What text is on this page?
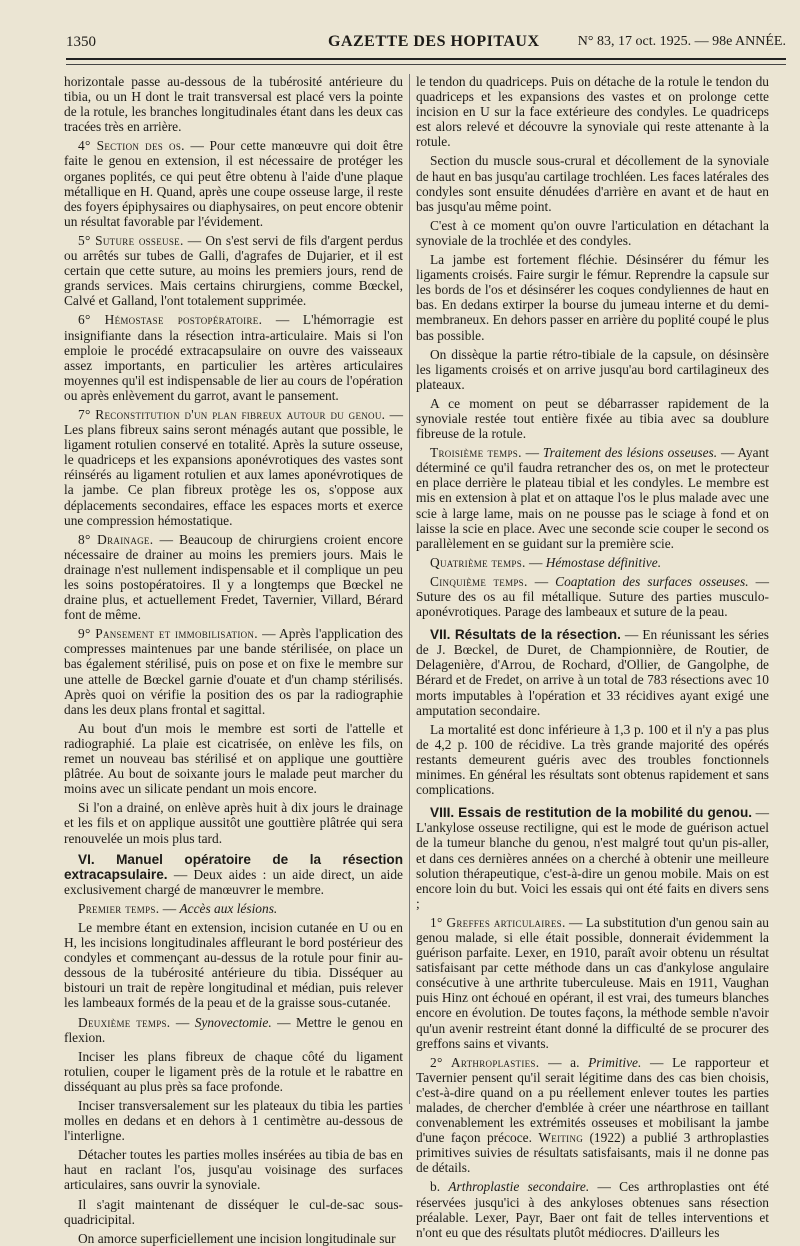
1350	GAZETTE DES HOPITAUX	N° 83, 17 oct. 1925. — 98e ANNÉE.

horizontale passe au-dessous de la tubérosité antérieure du tibia, ou un H dont le trait transversal est placé vers la pointe de la rotule, les branches longitudinales étant dans les deux cas tracées très en arrière.

4° Section des os. — Pour cette manœuvre qui doit être faite le genou en extension, il est nécessaire de protéger les organes poplités, ce qui peut être obtenu à l'aide d'une plaque métallique en H. Quand, après une coupe osseuse large, il reste des foyers épiphysaires ou diaphysaires, on peut encore obtenir un résultat favorable par l'évidement.

5° Suture osseuse. — On s'est servi de fils d'argent perdus ou arrêtés sur tubes de Galli, d'agrafes de Dujarier, et il est certain que cette suture, au moins les premiers jours, rend de grands services. Mais certains chirurgiens, comme Bœckel, Calvé et Galland, l'ont totalement supprimée.

6° Hémostase postopératoire. — L'hémorragie est insignifiante dans la résection intra-articulaire. Mais si l'on emploie le procédé extracapsulaire on ouvre des vaisseaux assez importants, en particulier les artères articulaires moyennes qu'il est indispensable de lier au cours de l'opération ou après enlèvement du garrot, avant le pansement.

7° Reconstitution d'un plan fibreux autour du genou. — Les plans fibreux sains seront ménagés autant que possible, le ligament rotulien conservé en totalité. Après la suture osseuse, le quadriceps et les expansions aponévrotiques des vastes sont réinsérés au ligament rotulien et aux lames aponévrotiques de la jambe. Ce plan fibreux protège les os, s'oppose aux déplacements secondaires, efface les espaces morts et exerce une compression hémostatique.

8° Drainage. — Beaucoup de chirurgiens croient encore nécessaire de drainer au moins les premiers jours. Mais le drainage n'est nullement indispensable et il complique un peu les soins postopératoires. Il y a longtemps que Bœckel ne draine plus, et actuellement Fredet, Tavernier, Villard, Bérard font de même.

9° Pansement et immobilisation. — Après l'application des compresses maintenues par une bande stérilisée, on place un bas également stérilisé, puis on pose et on fixe le membre sur une attelle de Bœckel garnie d'ouate et d'un champ stérilisés. Après quoi on vérifie la position des os par la radiographie dans les deux plans frontal et sagittal.

Au bout d'un mois le membre est sorti de l'attelle et radiographié. La plaie est cicatrisée, on enlève les fils, on remet un nouveau bas stérilisé et on applique une gouttière plâtrée. Au bout de soixante jours le malade peut marcher du moins avec un silicate pendant un mois encore.

Si l'on a drainé, on enlève après huit à dix jours le drainage et les fils et on applique aussitôt une gouttière plâtrée qui sera renouvelée un mois plus tard.

VI. Manuel opératoire de la résection extracapsulaire. — Deux aides : un aide direct, un aide exclusivement chargé de manœuvrer le membre.

Premier temps. — Accès aux lésions.

Le membre étant en extension, incision cutanée en U ou en H, les incisions longitudinales affleurant le bord postérieur des condyles et commençant au-dessus de la rotule pour finir au-dessous de la tubérosité antérieure du tibia. Disséquer au bistouri un trait de repère longitudinal et médian, puis relever les lambeaux formés de la peau et de la graisse sous-cutanée.

Deuxième temps. — Synovectomie. — Mettre le genou en flexion.

Inciser les plans fibreux de chaque côté du ligament rotulien, couper le ligament près de la rotule et le rabattre en disséquant au plus près sa face profonde.

Inciser transversalement sur les plateaux du tibia les parties molles en dedans et en dehors à 1 centimètre au-dessous de l'interligne.

Détacher toutes les parties molles insérées au tibia de bas en haut en raclant l'os, jusqu'au voisinage des surfaces articulaires, sans ouvrir la synoviale.

Il s'agit maintenant de disséquer le cul-de-sac sous-quadricipital.

On amorce superficiellement une incision longitudinale sur

le tendon du quadriceps. Puis on détache de la rotule le tendon du quadriceps et les expansions des vastes et on prolonge cette incision en U sur la face extérieure des condyles. Le quadriceps est alors relevé et découvre la synoviale qui reste attenante à la rotule.

Section du muscle sous-crural et décollement de la synoviale de haut en bas jusqu'au cartilage trochléen. Les faces latérales des condyles sont ensuite dénudées d'arrière en avant et de haut en bas jusqu'au même point.

C'est à ce moment qu'on ouvre l'articulation en détachant la synoviale de la trochlée et des condyles.

La jambe est fortement fléchie. Désinsérer du fémur les ligaments croisés. Faire surgir le fémur. Reprendre la capsule sur les bords de l'os et désinsérer les coques condyliennes de haut en bas. En dedans extirper la bourse du jumeau interne et du demi-membraneux. En dehors passer en arrière du poplité coupé le plus bas possible.

On dissèque la partie rétro-tibiale de la capsule, on désinsère les ligaments croisés et on arrive jusqu'au bord cartilagineux des plateaux.

A ce moment on peut se débarrasser rapidement de la synoviale restée tout entière fixée au tibia avec sa doublure fibreuse de la rotule.

Troisième temps. — Traitement des lésions osseuses. — Ayant déterminé ce qu'il faudra retrancher des os, on met le protecteur en place derrière le plateau tibial et les condyles. Le membre est mis en extension à plat et on attaque l'os le plus malade avec une scie à large lame, mais on ne pousse pas le sciage à fond et on laisse la scie en place. Avec une seconde scie couper le second os parallèlement en se guidant sur la première scie.

Quatrième temps. — Hémostase définitive.

Cinquième temps. — Coaptation des surfaces osseuses. — Suture des os au fil métallique. Suture des parties musculo-aponévrotiques. Parage des lambeaux et suture de la peau.

VII. Résultats de la résection. — En réunissant les séries de J. Bœckel, de Duret, de Championnière, de Routier, de Delagenière, d'Arrou, de Rochard, d'Ollier, de Gangolphe, de Bérard et de Fredet, on arrive à un total de 783 résections avec 10 morts imputables à l'opération et 33 récidives ayant exigé une amputation secondaire.

La mortalité est donc inférieure à 1,3 p. 100 et il n'y a pas plus de 4,2 p. 100 de récidive. La très grande majorité des opérés restants demeurent guéris avec des troubles fonctionnels minimes. En général les résultats sont obtenus rapidement et sans complications.

VIII. Essais de restitution de la mobilité du genou. — L'ankylose osseuse rectiligne, qui est le mode de guérison actuel de la tumeur blanche du genou, n'est malgré tout qu'un pis-aller, et dans ces dernières années on a cherché à obtenir une meilleure solution thérapeutique, c'est-à-dire un genou mobile. Mais on est encore loin du but. Voici les essais qui ont été faits en divers sens ;

1° Greffes articulaires. — La substitution d'un genou sain au genou malade, si elle était possible, donnerait évidemment la guérison parfaite. Lexer, en 1910, paraît avoir obtenu un résultat satisfaisant par cette méthode dans un cas d'ankylose angulaire consécutive à une arthrite tuberculeuse. Mais en 1911, Vaughan puis Hinz ont échoué en opérant, il est vrai, des tumeurs blanches encore en évolution. De toutes façons, la méthode semble n'avoir qu'un avenir restreint étant donné la difficulté de se procurer des greffons sains et vivants.

2° Arthroplasties. — a. Primitive. — Le rapporteur et Tavernier pensent qu'il serait légitime dans des cas bien choisis, c'est-à-dire quand on a pu réellement enlever toutes les parties malades, de chercher d'emblée à créer une néarthrose en taillant convenablement les extrémités osseuses et mobilisant la jambe d'une façon précoce. Weiting (1922) a publié 3 arthroplasties primitives suivies de résultats satisfaisants, mais il ne donne pas de détails.

b. Arthroplastie secondaire. — Ces arthroplasties ont été réservées jusqu'ici à des ankyloses obtenues sans résection préalable. Lexer, Payr, Baer ont fait de telles interventions et n'ont eu que des résultats plutôt médiocres. D'ailleurs les
